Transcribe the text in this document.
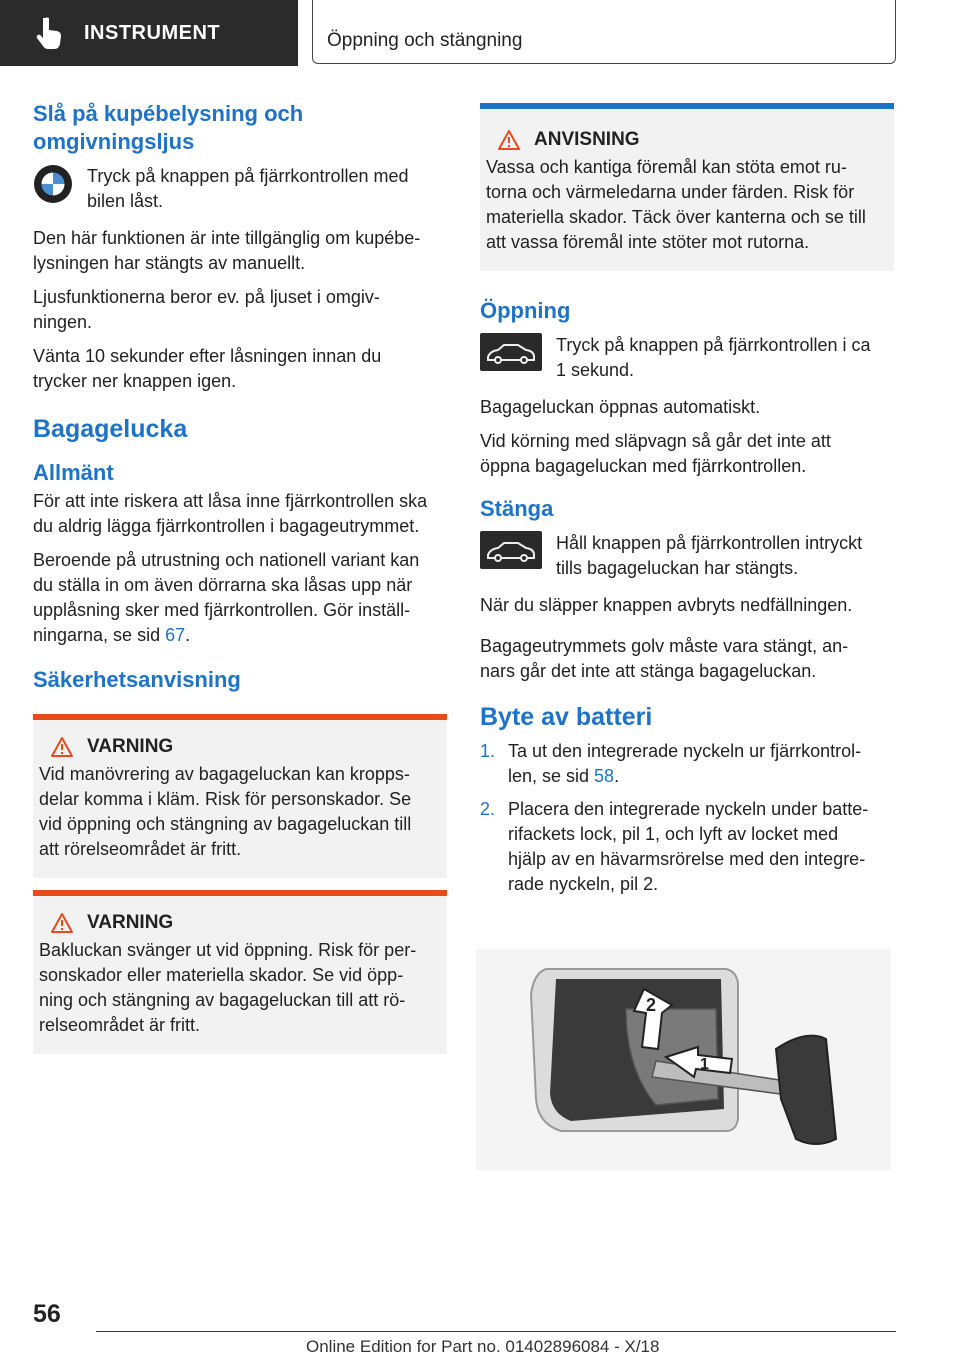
INSTRUMENT	Öppning och stängning
Slå på kupébelysning och
omgivningsljus

Tryck på knappen på fjärrkontrollen med
bilen låst.

Den här funktionen är inte tillgänglig om kupébe-
lysningen har stängts av manuellt.

Ljusfunktionerna beror ev. på ljuset i omgiv-
ningen.

Vänta 10 sekunder efter låsningen innan du
trycker ner knappen igen.

Bagagelucka
Allmänt

För att inte riskera att låsa inne fjärrkontrollen ska
du aldrig lägga fjärrkontrollen i bagageutrymmet.

Beroende på utrustning och nationell variant kan
du ställa in om även dörrarna ska låsas upp när
upplåsning sker med fjärrkontrollen. Gör inställ-
ningarna, se sid 67.

Säkerhetsanvisning
VARNING

Vid manövrering av bagageluckan kan kropps-
delar komma i kläm. Risk för personskador. Se
vid öppning och stängning av bagageluckan till
att rörelseområdet är fritt.

VARNING

Bakluckan svänger ut vid öppning. Risk för per-
sonskador eller materiella skador. Se vid öpp-
ning och stängning av bagageluckan till att rö-
relseområdet är fritt.

ANVISNING

Vassa och kantiga föremål kan stöta emot ru-
torna och värmeledarna under färden. Risk för
materiella skador. Täck över kanterna och se till
att vassa föremål inte stöter mot rutorna.

Öppning

Tryck på knappen på fjärrkontrollen i ca
1 sekund.

Bagageluckan öppnas automatiskt.

Vid körning med släpvagn så går det inte att
öppna bagageluckan med fjärrkontrollen.

Stänga

Håll knappen på fjärrkontrollen intryckt
tills bagageluckan har stängts.

När du släpper knappen avbryts nedfällningen.

Bagageutrymmets golv måste vara stängt, an-
nars går det inte att stänga bagageluckan.

Byte av batteri
1. Ta ut den integrerade nyckeln ur fjärrkontrol-
len, se sid 58.
2. Placera den integrerade nyckeln under batte-
rifackets lock, pil 1, och lyft av locket med
hjälp av en hävarmsrörelse med den integre-
rade nyckeln, pil 2.
2
1
56
Online Edition for Part no. 01402896084 - X/18
